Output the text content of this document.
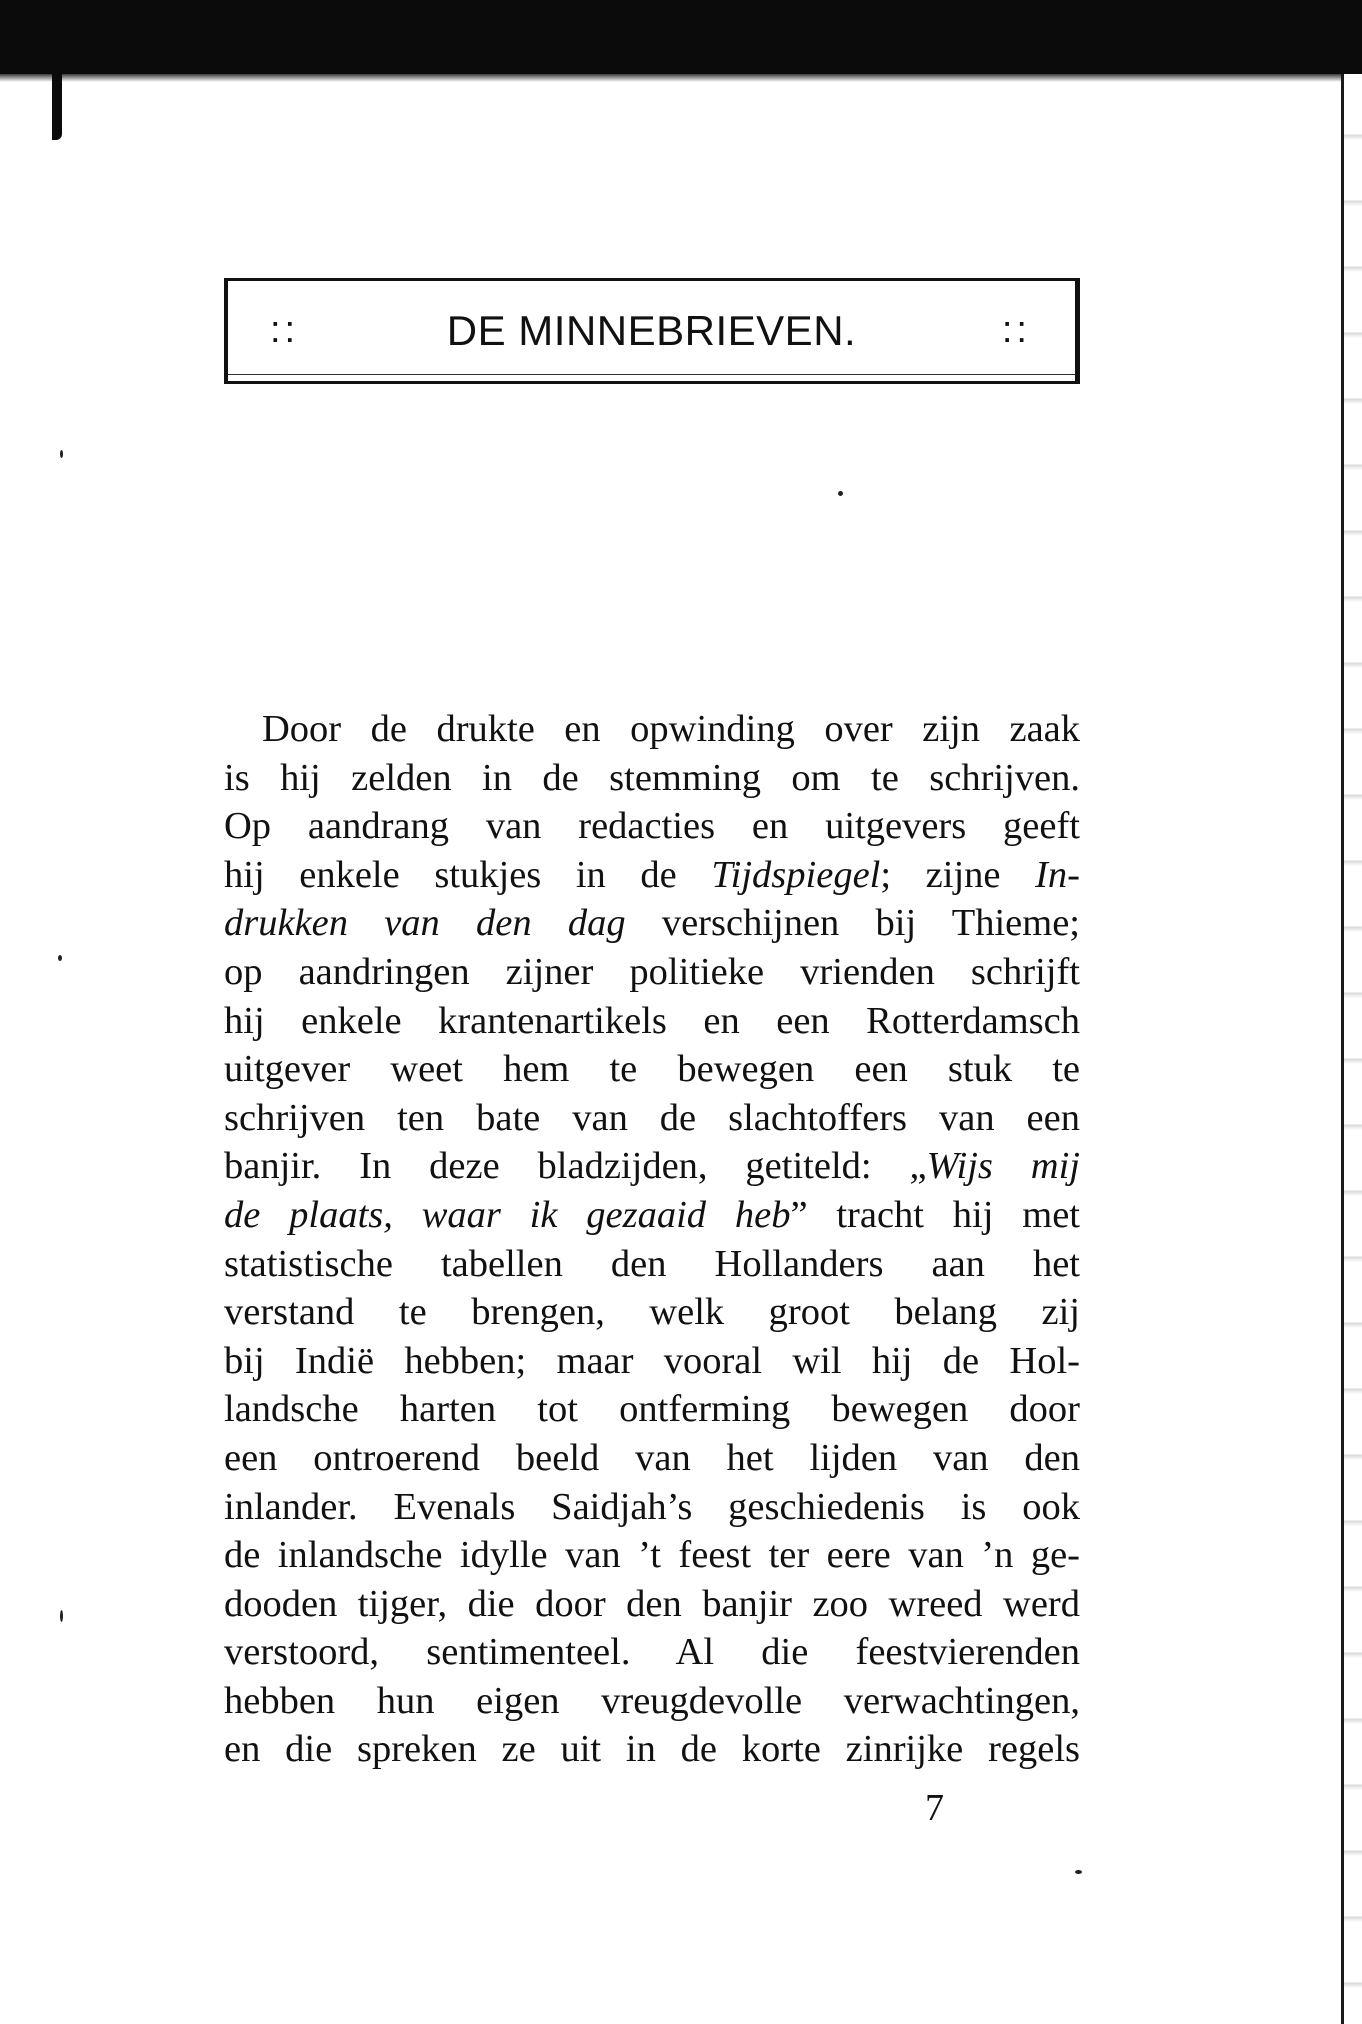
::	DE MINNEBRIEVEN.	::
Door de drukte en opwinding over zijn zaak
is hij zelden in de stemming om te schrijven.
Op aandrang van redacties en uitgevers geeft
hij enkele stukjes in de Tijdspiegel; zijne In-
drukken van den dag verschijnen bij Thieme;
op aandringen zijner politieke vrienden schrijft
hij enkele krantenartikels en een Rotterdamsch
uitgever weet hem te bewegen een stuk te
schrijven ten bate van de slachtoffers van een
banjir. In deze bladzijden, getiteld: „Wijs mij
de plaats, waar ik gezaaid heb” tracht hij met
statistische tabellen den Hollanders aan het
verstand te brengen, welk groot belang zij
bij Indië hebben; maar vooral wil hij de Hol-
landsche harten tot ontferming bewegen door
een ontroerend beeld van het lijden van den
inlander. Evenals Saidjah’s geschiedenis is ook
de inlandsche idylle van ’t feest ter eere van ’n ge-
dooden tijger, die door den banjir zoo wreed werd
verstoord, sentimenteel. Al die feestvierenden
hebben hun eigen vreugdevolle verwachtingen,
en die spreken ze uit in de korte zinrijke regels
7
